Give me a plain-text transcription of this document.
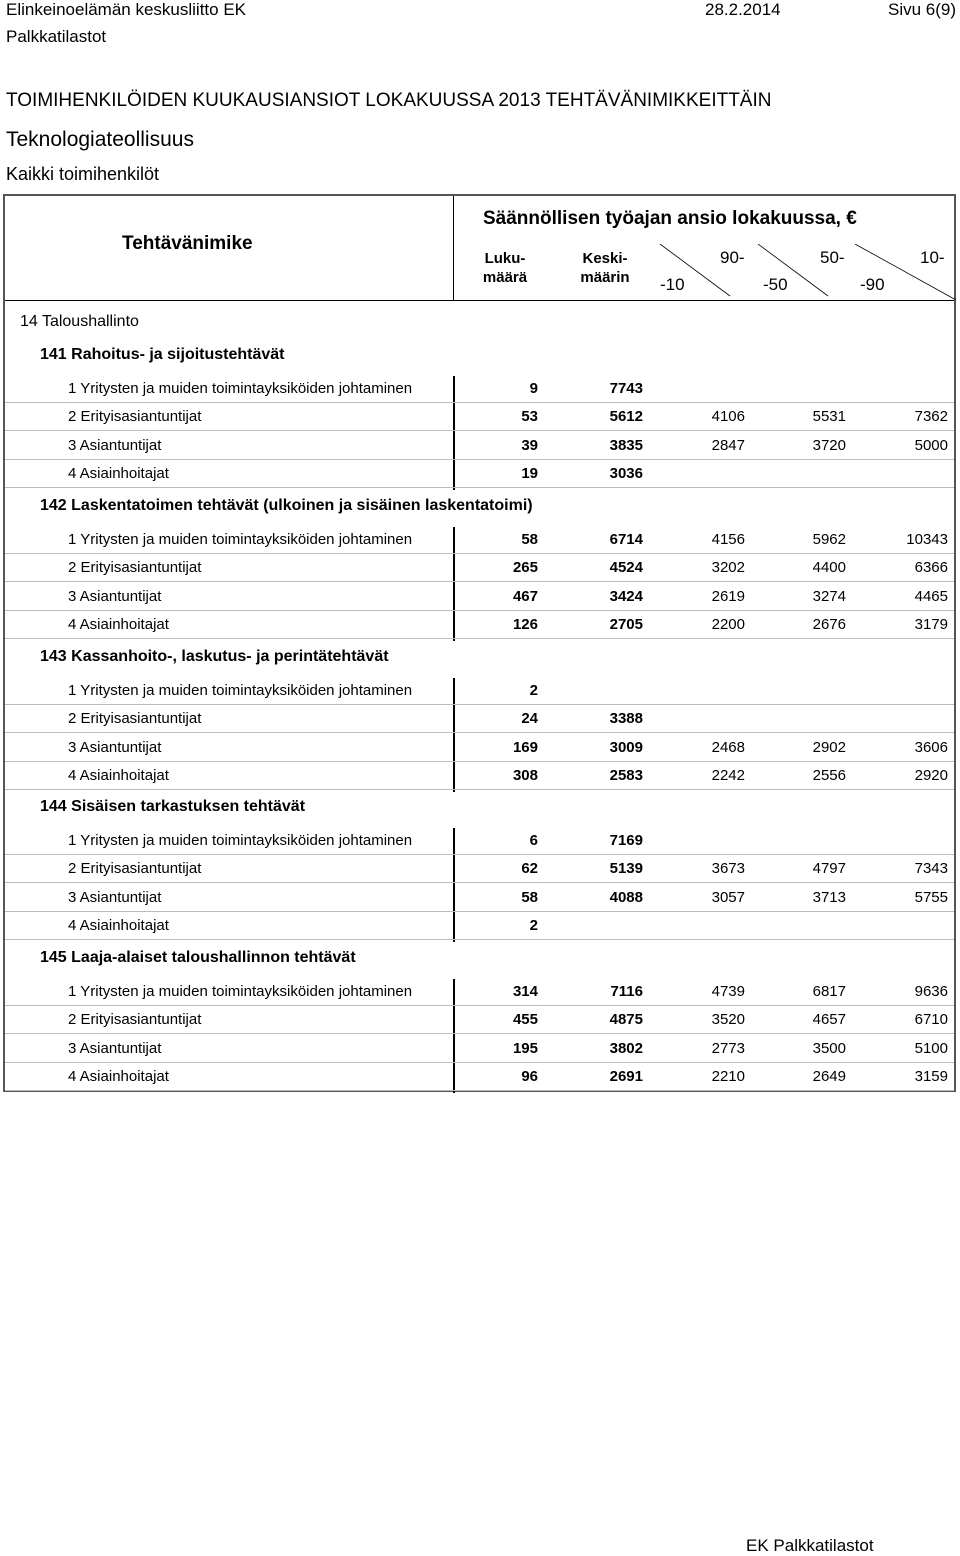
Elinkeinoelämän keskusliitto EK	28.2.2014	Sivu 6(9)
Palkkatilastot
TOIMIHENKILÖIDEN KUUKAUSIANSIOT LOKAKUUSSA 2013 TEHTÄVÄNIMIKKEITTÄIN
Teknologiateollisuus
Kaikki toimihenkilöt
Tehtävänimike
Säännöllisen työajan ansio lokakuussa, €
Luku-
määrä
Keski-
määrin
90-
-10
50-
-50
10-
-90
14 Taloushallinto
141 Rahoitus- ja sijoitustehtävät
1 Yritysten ja muiden toimintayksiköiden johtaminen	9	7743
2 Erityisasiantuntijat	53	5612	4106	5531	7362
3 Asiantuntijat	39	3835	2847	3720	5000
4 Asiainhoitajat	19	3036
142 Laskentatoimen tehtävät (ulkoinen ja sisäinen laskentatoimi)
1 Yritysten ja muiden toimintayksiköiden johtaminen	58	6714	4156	5962	10343
2 Erityisasiantuntijat	265	4524	3202	4400	6366
3 Asiantuntijat	467	3424	2619	3274	4465
4 Asiainhoitajat	126	2705	2200	2676	3179
143 Kassanhoito-, laskutus- ja perintätehtävät
1 Yritysten ja muiden toimintayksiköiden johtaminen	2
2 Erityisasiantuntijat	24	3388
3 Asiantuntijat	169	3009	2468	2902	3606
4 Asiainhoitajat	308	2583	2242	2556	2920
144 Sisäisen tarkastuksen tehtävät
1 Yritysten ja muiden toimintayksiköiden johtaminen	6	7169
2 Erityisasiantuntijat	62	5139	3673	4797	7343
3 Asiantuntijat	58	4088	3057	3713	5755
4 Asiainhoitajat	2
145 Laaja-alaiset taloushallinnon tehtävät
1 Yritysten ja muiden toimintayksiköiden johtaminen	314	7116	4739	6817	9636
2 Erityisasiantuntijat	455	4875	3520	4657	6710
3 Asiantuntijat	195	3802	2773	3500	5100
4 Asiainhoitajat	96	2691	2210	2649	3159
EK Palkkatilastot
